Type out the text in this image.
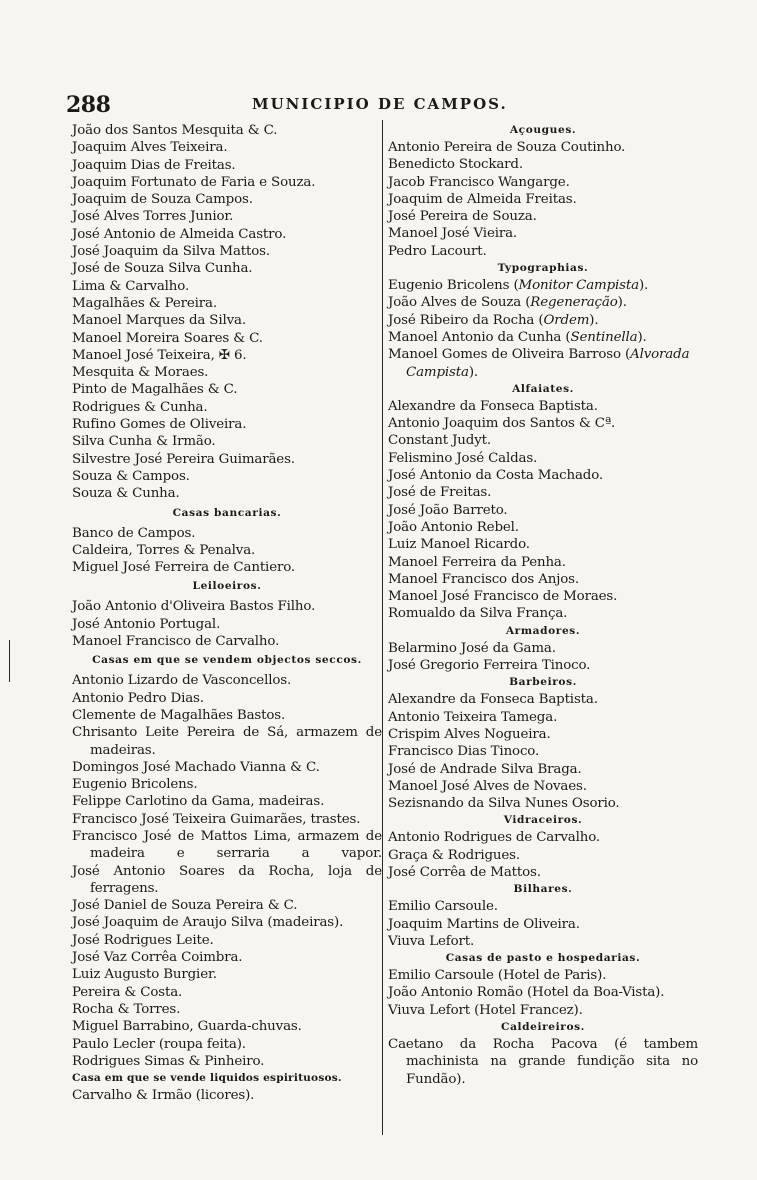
288	MUNICIPIO DE CAMPOS.
João dos Santos Mesquita & C.
Joaquim Alves Teixeira.
Joaquim Dias de Freitas.
Joaquim Fortunato de Faria e Souza.
Joaquim de Souza Campos.
José Alves Torres Junior.
José Antonio de Almeida Castro.
José Joaquim da Silva Mattos.
José de Souza Silva Cunha.
Lima & Carvalho.
Magalhães & Pereira.
Manoel Marques da Silva.
Manoel Moreira Soares & C.
Manoel José Teixeira, ✠ 6.
Mesquita & Moraes.
Pinto de Magalhães & C.
Rodrigues & Cunha.
Rufino Gomes de Oliveira.
Silva Cunha & Irmão.
Silvestre José Pereira Guimarães.
Souza & Campos.
Souza & Cunha.
Casas bancarias.
Banco de Campos.
Caldeira, Torres & Penalva.
Miguel José Ferreira de Cantiero.
Leiloeiros.
João Antonio d'Oliveira Bastos Filho.
José Antonio Portugal.
Manoel Francisco de Carvalho.
Casas em que se vendem objectos seccos.
Antonio Lizardo de Vasconcellos.
Antonio Pedro Dias.
Clemente de Magalhães Bastos.
Chrisanto Leite Pereira de Sá, armazem de madeiras.
Domingos José Machado Vianna & C.
Eugenio Bricolens.
Felippe Carlotino da Gama, madeiras.
Francisco José Teixeira Guimarães, trastes.
Francisco José de Mattos Lima, armazem de madeira e serraria a vapor.
José Antonio Soares da Rocha, loja de ferragens.
José Daniel de Souza Pereira & C.
José Joaquim de Araujo Silva (madeiras).
José Rodrigues Leite.
José Vaz Corrêa Coimbra.
Luiz Augusto Burgier.
Pereira & Costa.
Rocha & Torres.
Miguel Barrabino, Guarda-chuvas.
Paulo Lecler (roupa feita).
Rodrigues Simas & Pinheiro.
Casa em que se vende liquidos espirituosos.
Carvalho & Irmão (licores).
Açougues.
Antonio Pereira de Souza Coutinho.
Benedicto Stockard.
Jacob Francisco Wangarge.
Joaquim de Almeida Freitas.
José Pereira de Souza.
Manoel José Vieira.
Pedro Lacourt.
Typographias.
Eugenio Bricolens (Monitor Campista).
João Alves de Souza (Regeneração).
José Ribeiro da Rocha (Ordem).
Manoel Antonio da Cunha (Sentinella).
Manoel Gomes de Oliveira Barroso (Alvorada Campista).
Alfaiates.
Alexandre da Fonseca Baptista.
Antonio Joaquim dos Santos & Cª.
Constant Judyt.
Felismino José Caldas.
José Antonio da Costa Machado.
José de Freitas.
José João Barreto.
João Antonio Rebel.
Luiz Manoel Ricardo.
Manoel Ferreira da Penha.
Manoel Francisco dos Anjos.
Manoel José Francisco de Moraes.
Romualdo da Silva França.
Armadores.
Belarmino José da Gama.
José Gregorio Ferreira Tinoco.
Barbeiros.
Alexandre da Fonseca Baptista.
Antonio Teixeira Tamega.
Crispim Alves Nogueira.
Francisco Dias Tinoco.
José de Andrade Silva Braga.
Manoel José Alves de Novaes.
Sezisnando da Silva Nunes Osorio.
Vidraceiros.
Antonio Rodrigues de Carvalho.
Graça & Rodrigues.
José Corrêa de Mattos.
Bilhares.
Emilio Carsoule.
Joaquim Martins de Oliveira.
Viuva Lefort.
Casas de pasto e hospedarias.
Emilio Carsoule (Hotel de Paris).
João Antonio Romão (Hotel da Boa-Vista).
Viuva Lefort (Hotel Francez).
Caldeireiros.
Caetano da Rocha Pacova (é tambem machinista na grande fundição sita no Fundão).
